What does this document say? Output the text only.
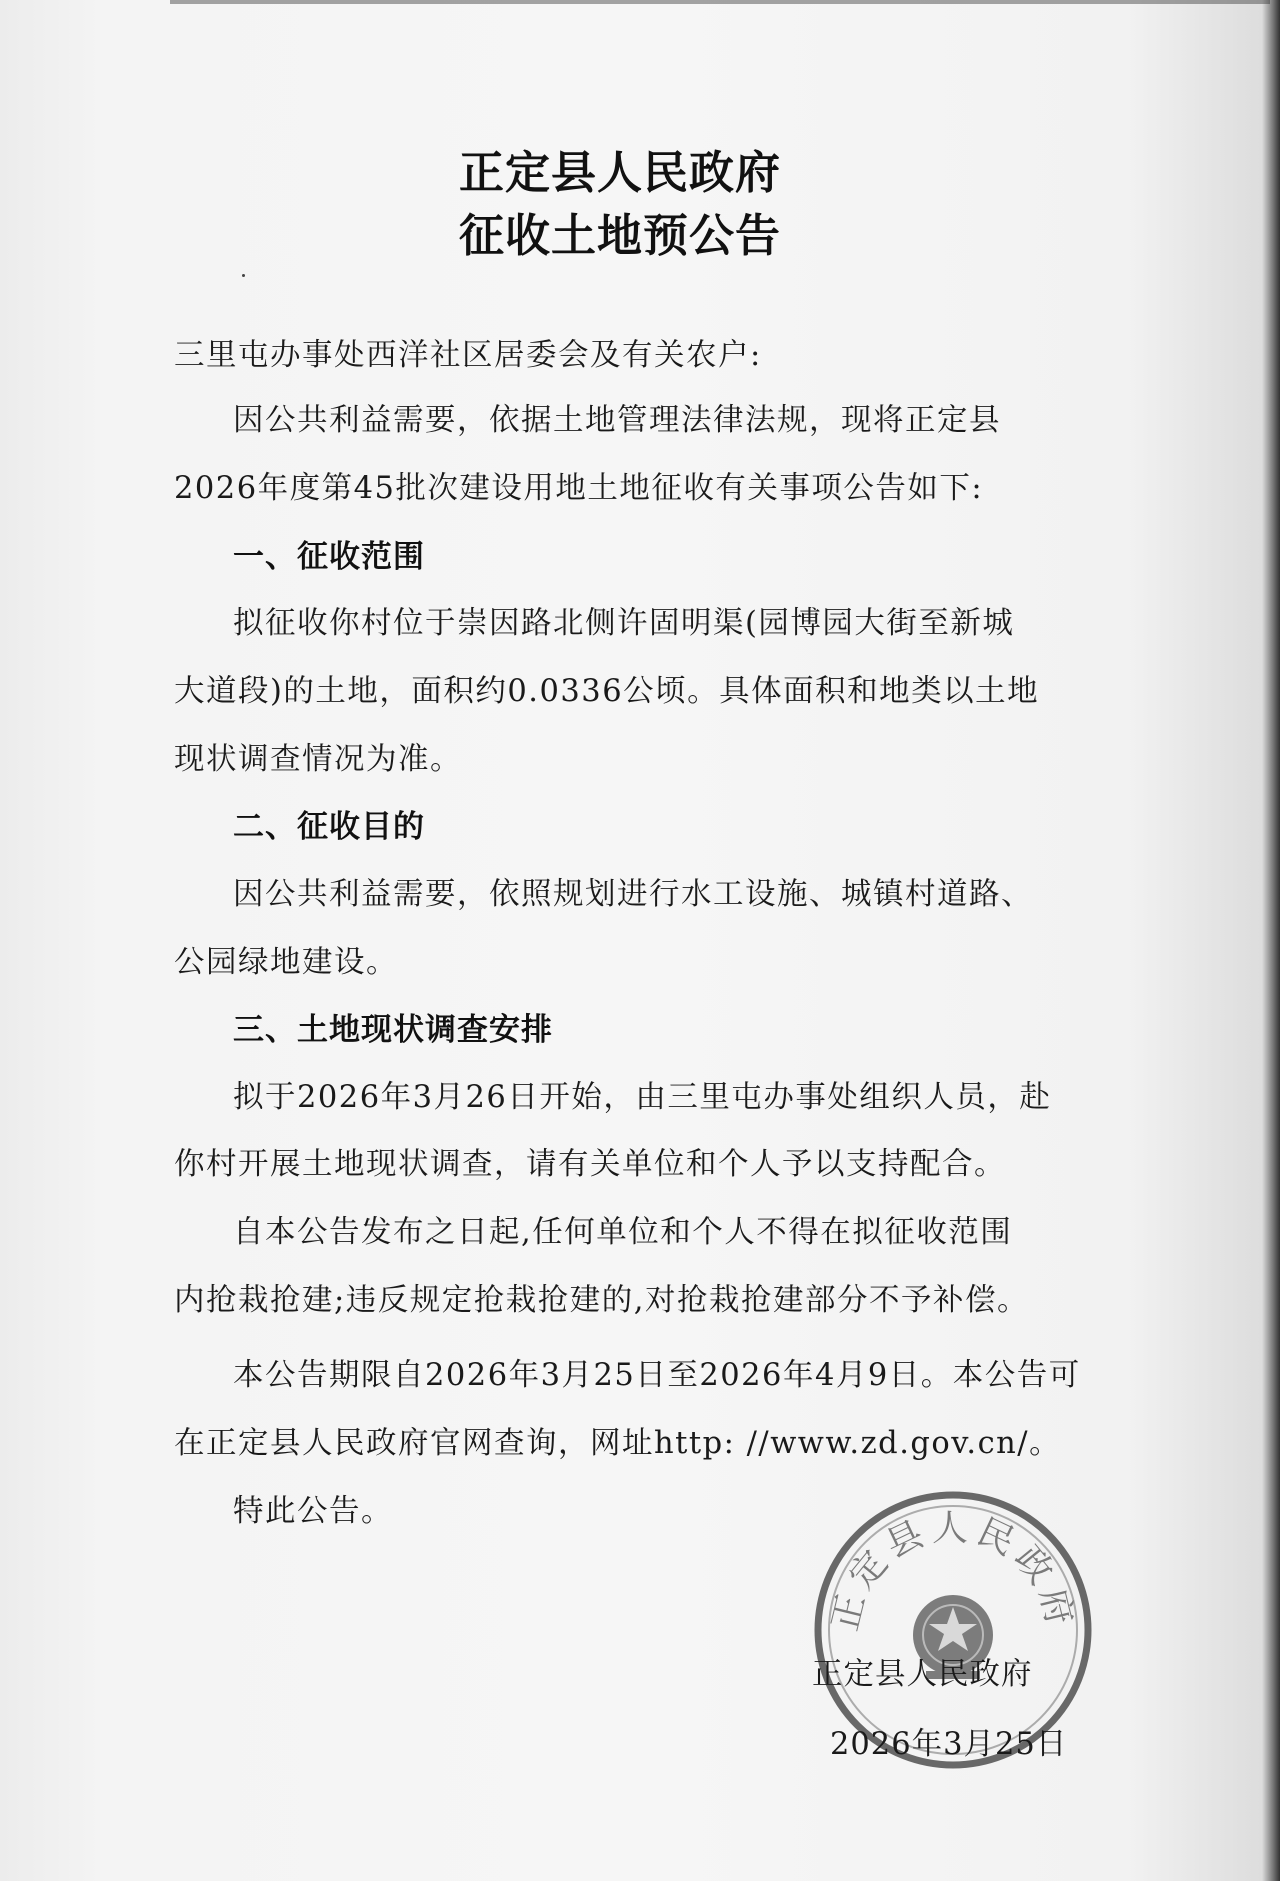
正定县人民政府
征收土地预公告
三里屯办事处西洋社区居委会及有关农户:
因公共利益需要，依据土地管理法律法规，现将正定县
2026年度第45批次建设用地土地征收有关事项公告如下:
一、征收范围
拟征收你村位于崇因路北侧许固明渠(园博园大街至新城
大道段)的土地，面积约0.0336公顷。具体面积和地类以土地
现状调查情况为准。
二、征收目的
因公共利益需要，依照规划进行水工设施、城镇村道路、
公园绿地建设。
三、土地现状调查安排
拟于2026年3月26日开始，由三里屯办事处组织人员，赴
你村开展土地现状调查，请有关单位和个人予以支持配合。
自本公告发布之日起,任何单位和个人不得在拟征收范围
内抢栽抢建;违反规定抢栽抢建的,对抢栽抢建部分不予补偿。
本公告期限自2026年3月25日至2026年4月9日。本公告可
在正定县人民政府官网查询，网址http: //www.zd.gov.cn/。
特此公告。
正定县人民政府
正定县人民政府
2026年3月25日
